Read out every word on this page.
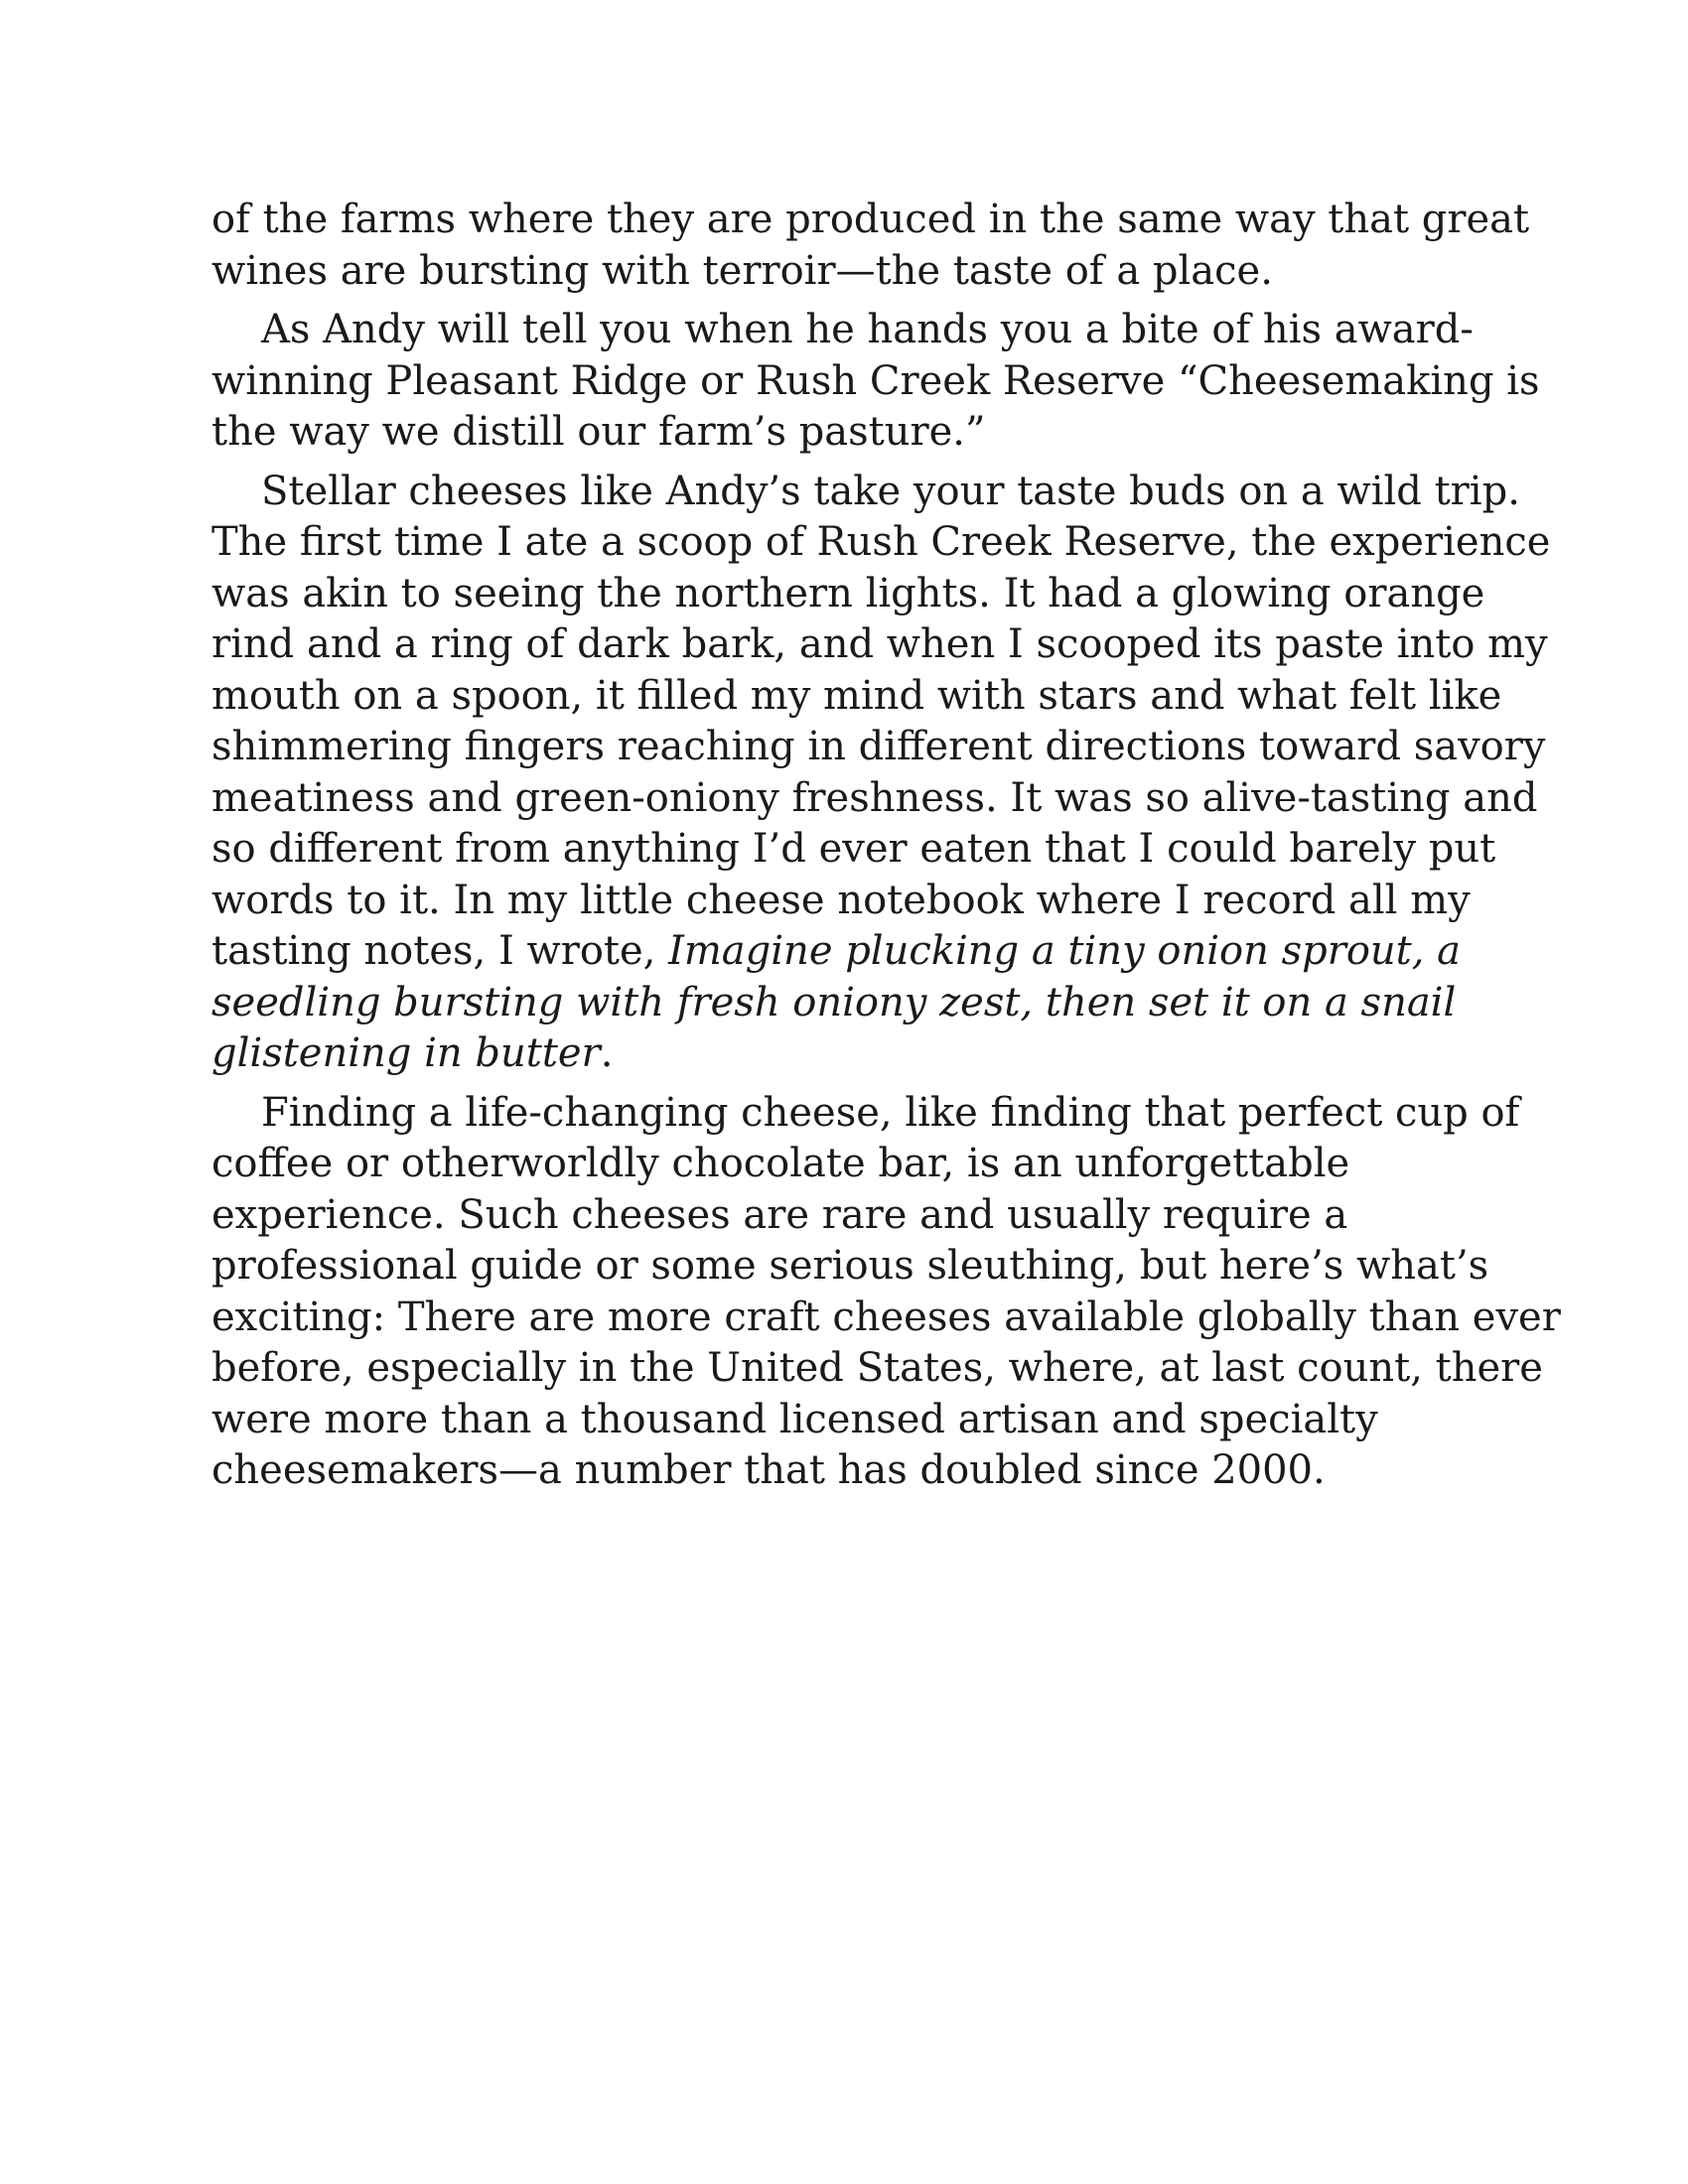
of the farms where they are produced in the same way that great
wines are bursting with terroir—the taste of a place.

As Andy will tell you when he hands you a bite of his award-
winning Pleasant Ridge or Rush Creek Reserve “Cheesemaking is
the way we distill our farm’s pasture.”

Stellar cheeses like Andy’s take your taste buds on a wild trip.
The first time I ate a scoop of Rush Creek Reserve, the experience
was akin to seeing the northern lights. It had a glowing orange
rind and a ring of dark bark, and when I scooped its paste into my
mouth on a spoon, it filled my mind with stars and what felt like
shimmering fingers reaching in different directions toward savory
meatiness and green-oniony freshness. It was so alive-tasting and
so different from anything I’d ever eaten that I could barely put
words to it. In my little cheese notebook where I record all my
tasting notes, I wrote, Imagine plucking a tiny onion sprout, a
seedling bursting with fresh oniony zest, then set it on a snail
glistening in butter.

Finding a life-changing cheese, like finding that perfect cup of
coffee or otherworldly chocolate bar, is an unforgettable
experience. Such cheeses are rare and usually require a
professional guide or some serious sleuthing, but here’s what’s
exciting: There are more craft cheeses available globally than ever
before, especially in the United States, where, at last count, there
were more than a thousand licensed artisan and specialty
cheesemakers—a number that has doubled since 2000.
